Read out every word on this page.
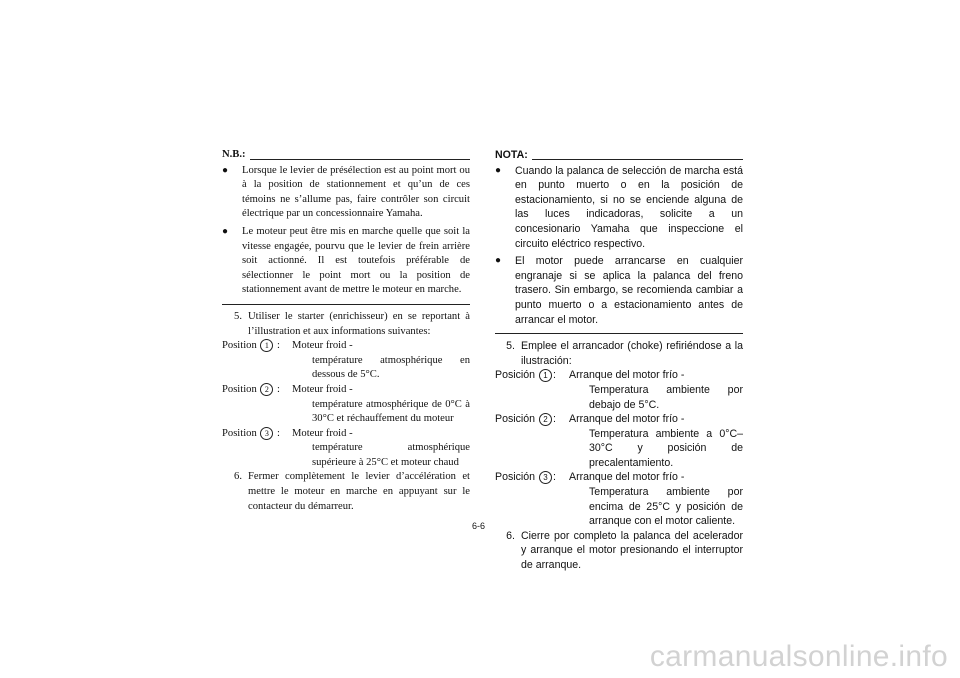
N.B.:
●	Lorsque le levier de présélection est au point mort ou à la position de stationnement et qu’un de ces témoins ne s’allume pas, faire contrôler son circuit électrique par un concessionnaire Yamaha.
●	Le moteur peut être mis en marche quelle que soit la vitesse engagée, pourvu que le levier de frein arrière soit actionné. Il est toutefois préférable de sélectionner le point mort ou la position de stationnement avant de mettre le moteur en marche.
5. Utiliser le starter (enrichisseur) en se reportant à l’illustration et aux informations suivantes:
Position 1 :	Moteur froid -
température atmosphérique en dessous de 5°C.
Position 2 :	Moteur froid -
température atmosphérique de 0°C à 30°C et réchauffement du moteur
Position 3 :	Moteur froid -
température atmosphérique supérieure à 25°C et moteur chaud
6. Fermer complètement le levier d’accélération et mettre le moteur en marche en appuyant sur le contacteur du démarreur.
NOTA:
●	Cuando la palanca de selección de marcha está en punto muerto o en la posición de estacionamiento, si no se enciende alguna de las luces indicadoras, solicite a un concesionario Yamaha que inspeccione el circuito eléctrico respectivo.
●	El motor puede arrancarse en cualquier engranaje si se aplica la palanca del freno trasero. Sin embargo, se recomienda cambiar a punto muerto o a estacionamiento antes de arrancar el motor.
5. Emplee el arrancador (choke) refiriéndose a la ilustración:
Posición 1 :	Arranque del motor frío -
Temperatura ambiente por debajo de 5°C.
Posición 2 :	Arranque del motor frío -
Temperatura ambiente a 0°C–30°C y posición de precalentamiento.
Posición 3 :	Arranque del motor frío -
Temperatura ambiente por encima de 25°C y posición de arranque con el motor caliente.
6. Cierre por completo la palanca del acelerador y arranque el motor presionando el interruptor de arranque.
6-6
carmanualsonline.info
